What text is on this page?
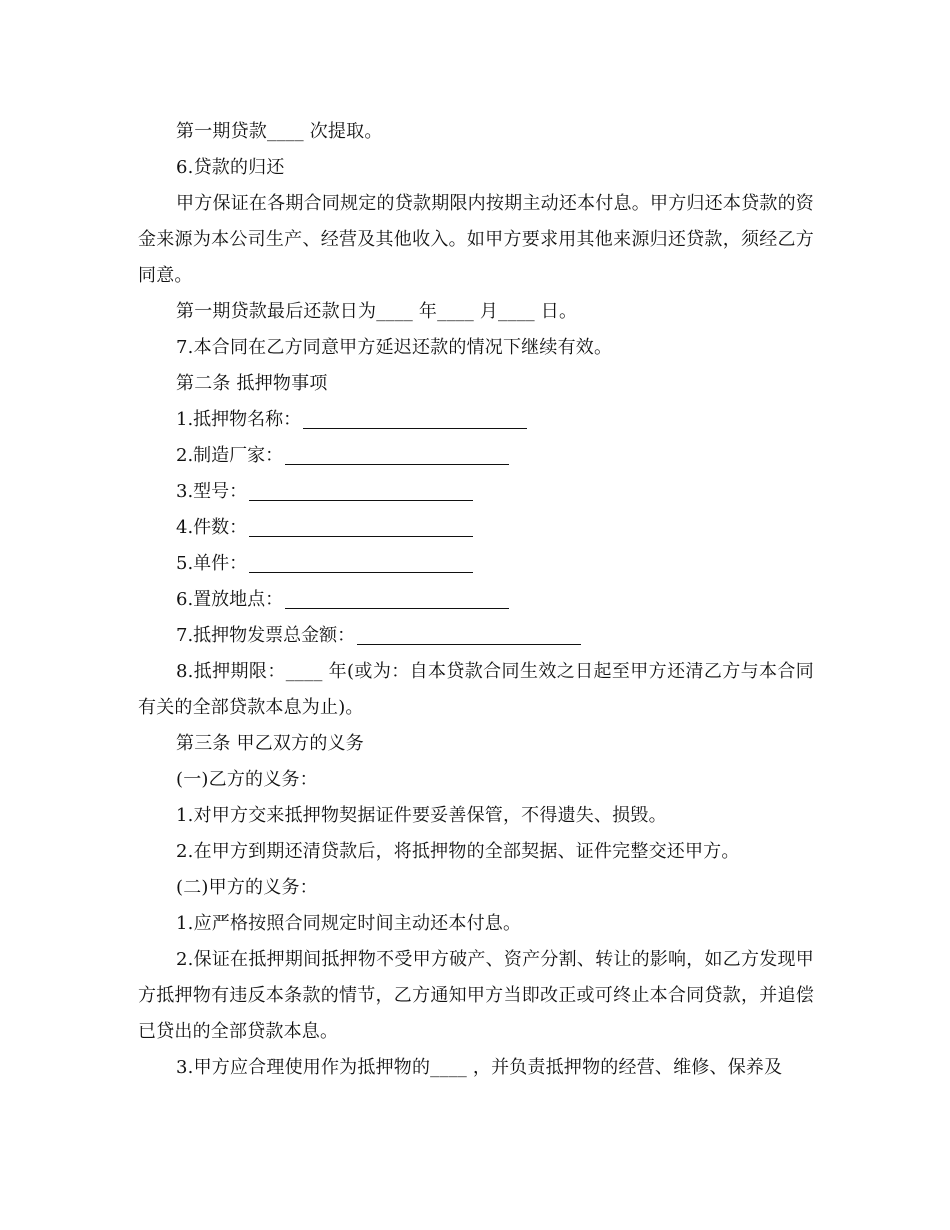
第一期贷款____ 次提取。

6.贷款的归还

甲方保证在各期合同规定的贷款期限内按期主动还本付息。甲方归还本贷款的资金来源为本公司生产、经营及其他收入。如甲方要求用其他来源归还贷款，须经乙方同意。

第一期贷款最后还款日为____ 年____ 月____ 日。

7.本合同在乙方同意甲方延迟还款的情况下继续有效。

第二条 抵押物事项

1.抵押物名称：

2.制造厂家：

3.型号：

4.件数：

5.单件：

6.置放地点：

7.抵押物发票总金额：

8.抵押期限：____ 年(或为：自本贷款合同生效之日起至甲方还清乙方与本合同有关的全部贷款本息为止)。

第三条 甲乙双方的义务

(一)乙方的义务：

1.对甲方交来抵押物契据证件要妥善保管，不得遗失、损毁。

2.在甲方到期还清贷款后，将抵押物的全部契据、证件完整交还甲方。

(二)甲方的义务：

1.应严格按照合同规定时间主动还本付息。

2.保证在抵押期间抵押物不受甲方破产、资产分割、转让的影响，如乙方发现甲方抵押物有违反本条款的情节，乙方通知甲方当即改正或可终止本合同贷款，并追偿已贷出的全部贷款本息。

3.甲方应合理使用作为抵押物的____ ，并负责抵押物的经营、维修、保养及
